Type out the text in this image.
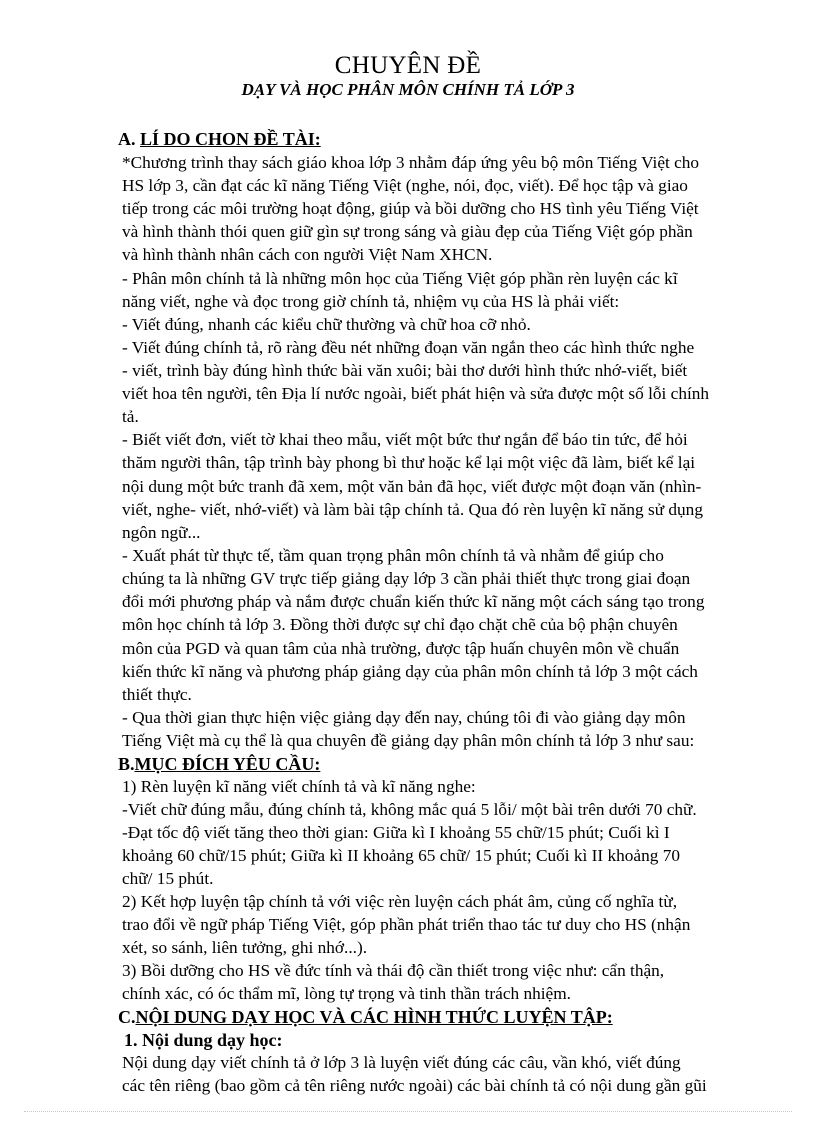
CHUYÊN ĐỀ
DẠY VÀ HỌC PHÂN MÔN CHÍNH TẢ LỚP 3
A. LÍ DO CHON ĐỀ TÀI:
*Chương trình thay sách giáo khoa lớp 3 nhằm đáp ứng yêu bộ môn Tiếng Việt cho
HS lớp 3, cần đạt các kĩ năng Tiếng Việt (nghe, nói, đọc, viết). Để học tập và giao
tiếp trong các môi trường hoạt động, giúp và bồi dưỡng cho HS tình yêu Tiếng Việt
và hình thành thói quen giữ gìn sự trong sáng và giàu đẹp của Tiếng Việt góp phần
và hình thành nhân cách con người Việt Nam XHCN.
- Phân môn chính tả là những môn học của Tiếng Việt góp phần rèn luyện các kĩ
năng viết, nghe và đọc trong giờ chính tả, nhiệm vụ của HS là phải viết:
- Viết đúng, nhanh các kiểu chữ thường và chữ hoa cỡ nhỏ.
- Viết đúng chính tả, rõ ràng đều nét những đoạn văn ngắn theo các hình thức nghe
- viết, trình bày đúng hình thức bài văn xuôi; bài thơ dưới hình thức nhớ-viết, biết
viết hoa tên người, tên Địa lí nước ngoài, biết phát hiện và sửa được một số lỗi chính
tả.
- Biết viết đơn, viết tờ khai theo mẫu, viết một bức thư ngắn để báo tin tức, để hỏi
thăm người thân, tập trình bày phong bì thư hoặc kể lại một việc đã làm, biết kể lại
nội dung một bức tranh đã xem, một văn bản đã học, viết được một đoạn văn (nhìn-
viết, nghe- viết, nhớ-viết) và làm bài tập chính tả. Qua đó rèn luyện kĩ năng sử dụng
ngôn ngữ...
- Xuất phát từ thực tế, tầm quan trọng phân môn chính tả và nhằm để giúp cho
chúng ta là những GV trực tiếp giảng dạy lớp 3 cần phải thiết thực trong giai đoạn
đổi mới phương pháp và nắm được chuẩn kiến thức kĩ năng một cách sáng tạo trong
môn học chính tả lớp 3. Đồng thời được sự chỉ đạo chặt chẽ của bộ phận chuyên
môn của PGD và quan tâm của nhà trường, được tập huấn chuyên môn về chuẩn
kiến thức kĩ năng và phương pháp giảng dạy của phân môn chính tả lớp 3 một cách
thiết thực.
- Qua thời gian thực hiện việc giảng dạy đến nay, chúng tôi đi vào giảng dạy môn
Tiếng Việt mà cụ thể là qua chuyên đề giảng dạy phân môn chính tả lớp 3 như sau:
B.MỤC ĐÍCH YÊU CẦU:
1) Rèn luyện kĩ năng viết chính tả và kĩ năng nghe:
-Viết chữ đúng mẫu, đúng chính tả, không mắc quá 5 lỗi/ một bài trên dưới 70 chữ.
-Đạt tốc độ viết tăng theo thời gian: Giữa kì I khoảng 55 chữ/15 phút; Cuối kì I
khoảng 60 chữ/15 phút; Giữa kì II khoảng 65 chữ/ 15 phút; Cuối kì II khoảng 70
chữ/ 15 phút.
2) Kết hợp luyện tập chính tả với việc rèn luyện cách phát âm, củng cố nghĩa từ,
trao đổi về ngữ pháp Tiếng Việt, góp phần phát triển thao tác tư duy cho HS (nhận
xét, so sánh, liên tưởng, ghi nhớ...).
3) Bồi dưỡng cho HS về đức tính và thái độ cần thiết trong việc như: cẩn thận,
chính xác, có óc thẩm mĩ, lòng tự trọng và tinh thần trách nhiệm.
C.NỘI DUNG DẠY HỌC VÀ CÁC HÌNH THỨC LUYỆN TẬP:
1. Nội dung dạy học:
Nội dung dạy viết chính tả ở lớp 3 là luyện viết đúng các câu, vần khó, viết đúng
các tên riêng (bao gồm cả tên riêng nước ngoài) các bài chính tả có nội dung gần gũi
